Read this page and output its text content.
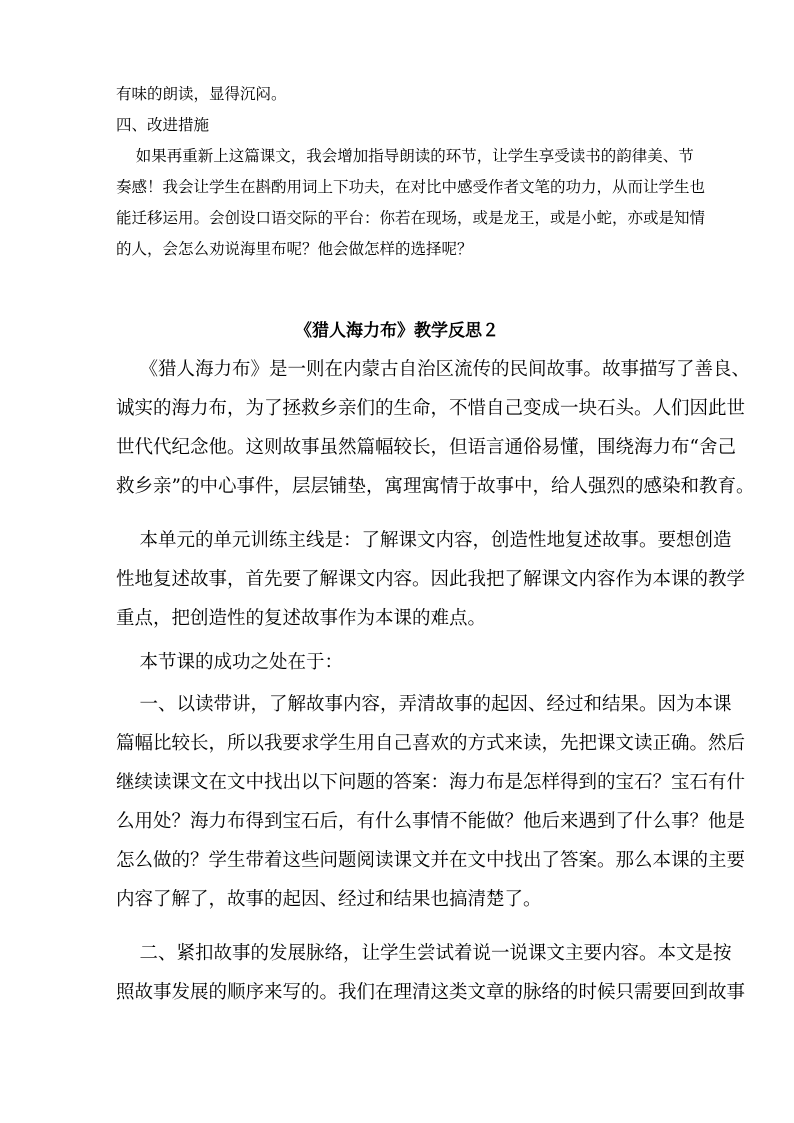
有味的朗读，显得沉闷。
四、改进措施
如果再重新上这篇课文，我会增加指导朗读的环节，让学生享受读书的韵律美、节
奏感！我会让学生在斟酌用词上下功夫，在对比中感受作者文笔的功力，从而让学生也
能迁移运用。会创设口语交际的平台：你若在现场，或是龙王，或是小蛇，亦或是知情
的人，会怎么劝说海里布呢？他会做怎样的选择呢？
《猎人海力布》教学反思２
《猎人海力布》是一则在内蒙古自治区流传的民间故事。故事描写了善良、
诚实的海力布，为了拯救乡亲们的生命，不惜自己变成一块石头。人们因此世
世代代纪念他。这则故事虽然篇幅较长，但语言通俗易懂，围绕海力布“舍己
救乡亲”的中心事件，层层铺垫，寓理寓情于故事中，给人强烈的感染和教育。
本单元的单元训练主线是：了解课文内容，创造性地复述故事。要想创造
性地复述故事，首先要了解课文内容。因此我把了解课文内容作为本课的教学
重点，把创造性的复述故事作为本课的难点。
本节课的成功之处在于：
一、以读带讲，了解故事内容，弄清故事的起因、经过和结果。因为本课
篇幅比较长，所以我要求学生用自己喜欢的方式来读，先把课文读正确。然后
继续读课文在文中找出以下问题的答案：海力布是怎样得到的宝石？宝石有什
么用处？海力布得到宝石后，有什么事情不能做？他后来遇到了什么事？他是
怎么做的？学生带着这些问题阅读课文并在文中找出了答案。那么本课的主要
内容了解了，故事的起因、经过和结果也搞清楚了。
二、紧扣故事的发展脉络，让学生尝试着说一说课文主要内容。本文是按
照故事发展的顺序来写的。我们在理清这类文章的脉络的时候只需要回到故事
